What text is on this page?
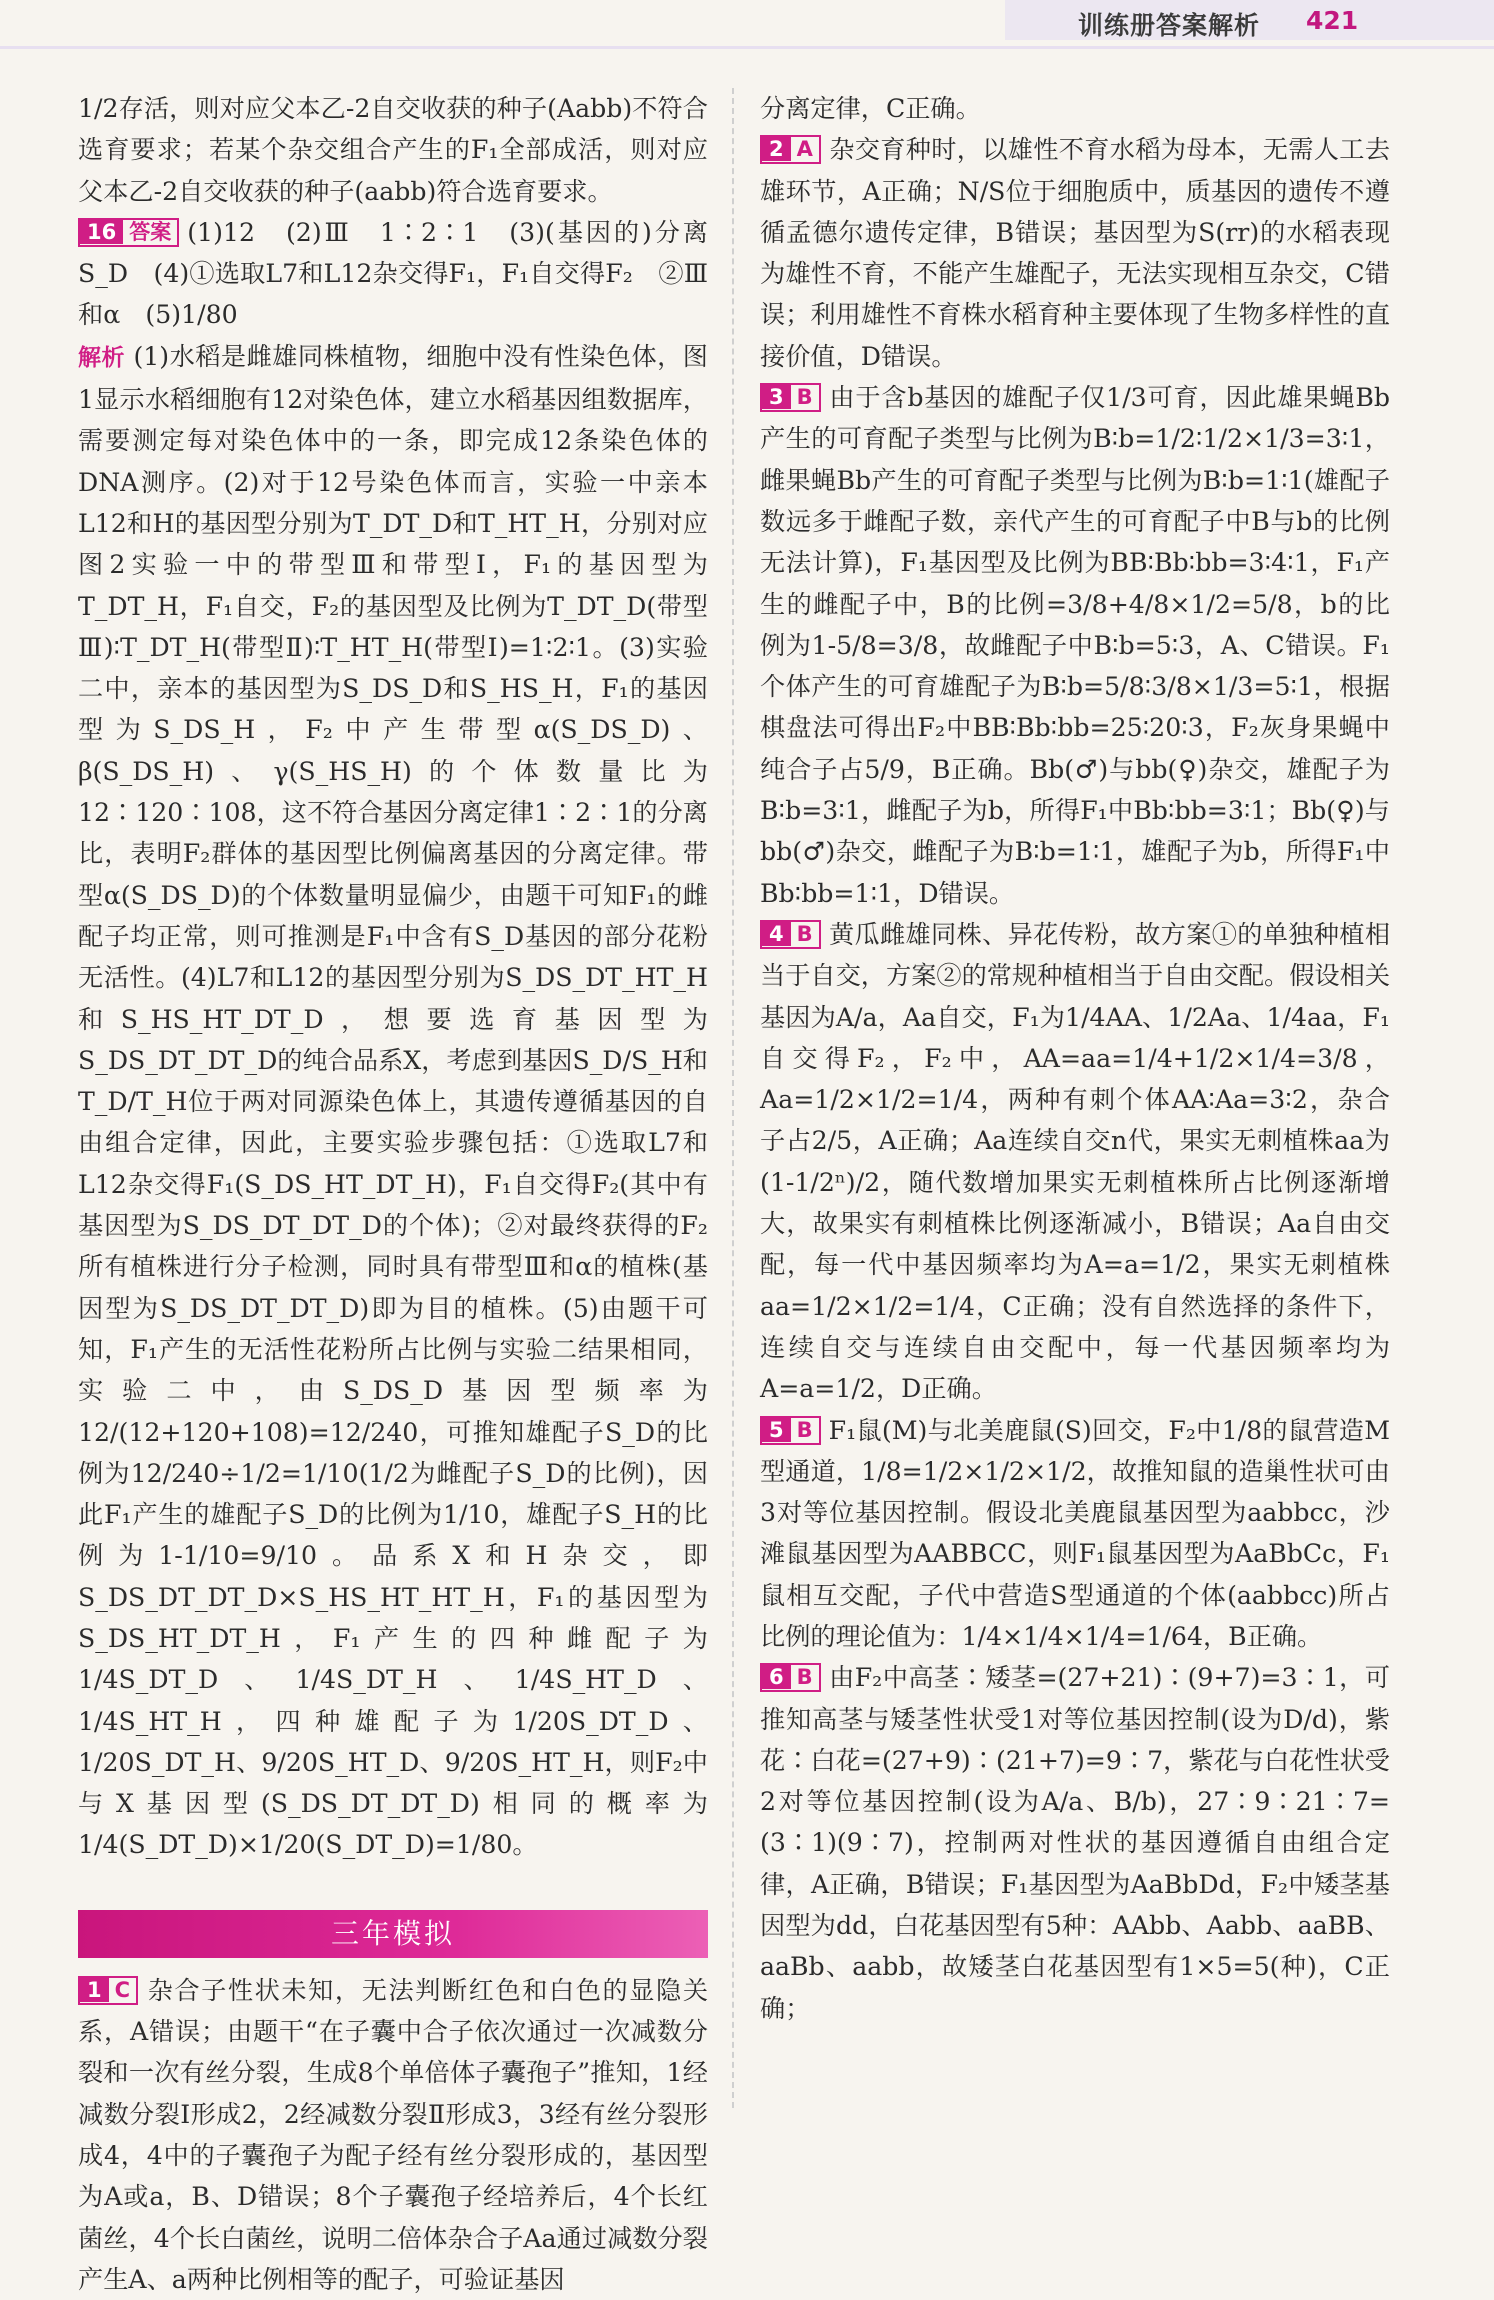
训练册答案解析 421

1/2存活，则对应父本乙-2自交收获的种子(Aabb)不符合选育要求；若某个杂交组合产生的F₁全部成活，则对应父本乙-2自交收获的种子(aabb)符合选育要求。

16 答案 (1)12　(2)Ⅲ　1∶2∶1　(3)(基因的)分离　S_D　(4)①选取L7和L12杂交得F₁，F₁自交得F₂　②Ⅲ和α　(5)1/80

解析 (1)水稻是雌雄同株植物，细胞中没有性染色体，图1显示水稻细胞有12对染色体，建立水稻基因组数据库，需要测定每对染色体中的一条，即完成12条染色体的DNA测序。(2)对于12号染色体而言，实验一中亲本L12和H的基因型分别为T_DT_D和T_HT_H，分别对应图2实验一中的带型Ⅲ和带型Ⅰ，F₁的基因型为T_DT_H，F₁自交，F₂的基因型及比例为T_DT_D(带型Ⅲ)∶T_DT_H(带型Ⅱ)∶T_HT_H(带型Ⅰ)=1∶2∶1。(3)实验二中，亲本的基因型为S_DS_D和S_HS_H，F₁的基因型为S_DS_H，F₂中产生带型α(S_DS_D)、β(S_DS_H)、γ(S_HS_H)的个体数量比为12∶120∶108，这不符合基因分离定律1∶2∶1的分离比，表明F₂群体的基因型比例偏离基因的分离定律。带型α(S_DS_D)的个体数量明显偏少，由题干可知F₁的雌配子均正常，则可推测是F₁中含有S_D基因的部分花粉无活性。(4)L7和L12的基因型分别为S_DS_DT_HT_H和S_HS_HT_DT_D，想要选育基因型为S_DS_DT_DT_D的纯合品系X，考虑到基因S_D/S_H和T_D/T_H位于两对同源染色体上，其遗传遵循基因的自由组合定律，因此，主要实验步骤包括：①选取L7和L12杂交得F₁(S_DS_HT_DT_H)，F₁自交得F₂(其中有基因型为S_DS_DT_DT_D的个体)；②对最终获得的F₂所有植株进行分子检测，同时具有带型Ⅲ和α的植株(基因型为S_DS_DT_DT_D)即为目的植株。(5)由题干可知，F₁产生的无活性花粉所占比例与实验二结果相同，实验二中，由S_DS_D基因型频率为12/(12+120+108)=12/240，可推知雄配子S_D的比例为12/240÷1/2=1/10(1/2为雌配子S_D的比例)，因此F₁产生的雄配子S_D的比例为1/10，雄配子S_H的比例为1-1/10=9/10。品系X和H杂交，即S_DS_DT_DT_D×S_HS_HT_HT_H，F₁的基因型为S_DS_HT_DT_H，F₁产生的四种雌配子为1/4S_DT_D、1/4S_DT_H、1/4S_HT_D、1/4S_HT_H，四种雄配子为1/20S_DT_D、1/20S_DT_H、9/20S_HT_D、9/20S_HT_H，则F₂中与X基因型(S_DS_DT_DT_D)相同的概率为1/4(S_DT_D)×1/20(S_DT_D)=1/80。

三年模拟

1 C 杂合子性状未知，无法判断红色和白色的显隐关系，A错误；由题干“在子囊中合子依次通过一次减数分裂和一次有丝分裂，生成8个单倍体子囊孢子”推知，1经减数分裂Ⅰ形成2，2经减数分裂Ⅱ形成3，3经有丝分裂形成4，4中的子囊孢子为配子经有丝分裂形成的，基因型为A或a，B、D错误；8个子囊孢子经培养后，4个长红菌丝，4个长白菌丝，说明二倍体杂合子Aa通过减数分裂产生A、a两种比例相等的配子，可验证基因

分离定律，C正确。

2 A 杂交育种时，以雄性不育水稻为母本，无需人工去雄环节，A正确；N/S位于细胞质中，质基因的遗传不遵循孟德尔遗传定律，B错误；基因型为S(rr)的水稻表现为雄性不育，不能产生雄配子，无法实现相互杂交，C错误；利用雄性不育株水稻育种主要体现了生物多样性的直接价值，D错误。

3 B 由于含b基因的雄配子仅1/3可育，因此雄果蝇Bb产生的可育配子类型与比例为B∶b=1/2∶1/2×1/3=3∶1，雌果蝇Bb产生的可育配子类型与比例为B∶b=1∶1(雄配子数远多于雌配子数，亲代产生的可育配子中B与b的比例无法计算)，F₁基因型及比例为BB∶Bb∶bb=3∶4∶1，F₁产生的雌配子中，B的比例=3/8+4/8×1/2=5/8，b的比例为1-5/8=3/8，故雌配子中B∶b=5∶3，A、C错误。F₁个体产生的可育雄配子为B∶b=5/8∶3/8×1/3=5∶1，根据棋盘法可得出F₂中BB∶Bb∶bb=25∶20∶3，F₂灰身果蝇中纯合子占5/9，B正确。Bb(♂)与bb(♀)杂交，雄配子为B∶b=3∶1，雌配子为b，所得F₁中Bb∶bb=3∶1；Bb(♀)与bb(♂)杂交，雌配子为B∶b=1∶1，雄配子为b，所得F₁中Bb∶bb=1∶1，D错误。

4 B 黄瓜雌雄同株、异花传粉，故方案①的单独种植相当于自交，方案②的常规种植相当于自由交配。假设相关基因为A/a，Aa自交，F₁为1/4AA、1/2Aa、1/4aa，F₁自交得F₂，F₂中，AA=aa=1/4+1/2×1/4=3/8，Aa=1/2×1/2=1/4，两种有刺个体AA∶Aa=3∶2，杂合子占2/5，A正确；Aa连续自交n代，果实无刺植株aa为(1-1/2ⁿ)/2，随代数增加果实无刺植株所占比例逐渐增大，故果实有刺植株比例逐渐减小，B错误；Aa自由交配，每一代中基因频率均为A=a=1/2，果实无刺植株aa=1/2×1/2=1/4，C正确；没有自然选择的条件下，连续自交与连续自由交配中，每一代基因频率均为A=a=1/2，D正确。

5 B F₁鼠(M)与北美鹿鼠(S)回交，F₂中1/8的鼠营造M型通道，1/8=1/2×1/2×1/2，故推知鼠的造巢性状可由3对等位基因控制。假设北美鹿鼠基因型为aabbcc，沙滩鼠基因型为AABBCC，则F₁鼠基因型为AaBbCc，F₁鼠相互交配，子代中营造S型通道的个体(aabbcc)所占比例的理论值为：1/4×1/4×1/4=1/64，B正确。

6 B 由F₂中高茎∶矮茎=(27+21)∶(9+7)=3∶1，可推知高茎与矮茎性状受1对等位基因控制(设为D/d)，紫花∶白花=(27+9)∶(21+7)=9∶7，紫花与白花性状受2对等位基因控制(设为A/a、B/b)，27∶9∶21∶7=(3∶1)(9∶7)，控制两对性状的基因遵循自由组合定律，A正确，B错误；F₁基因型为AaBbDd，F₂中矮茎基因型为dd，白花基因型有5种：AAbb、Aabb、aaBB、aaBb、aabb，故矮茎白花基因型有1×5=5(种)，C正确；
